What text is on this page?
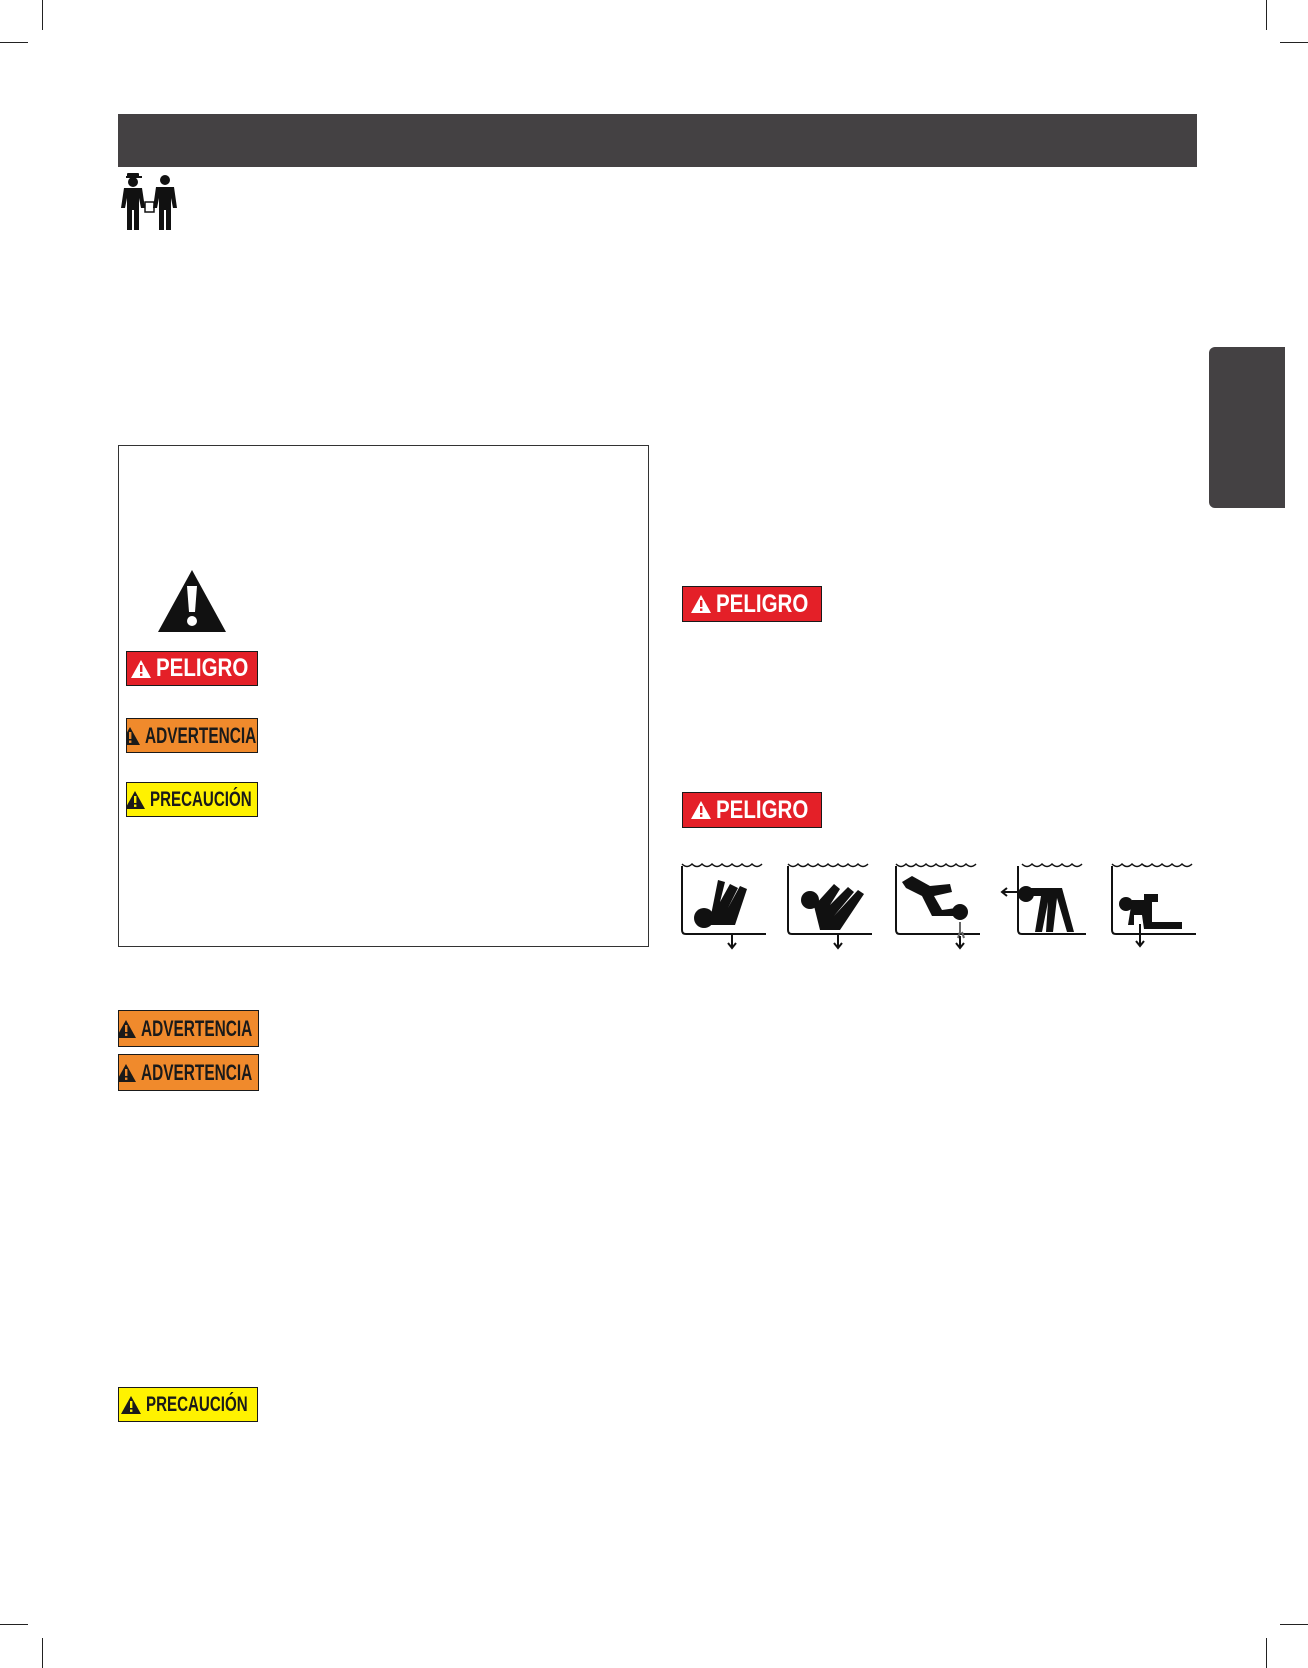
PELIGRO
ADVERTENCIA
PRECAUCIÓN
ADVERTENCIA
ADVERTENCIA
PRECAUCIÓN
PELIGRO
PELIGRO
